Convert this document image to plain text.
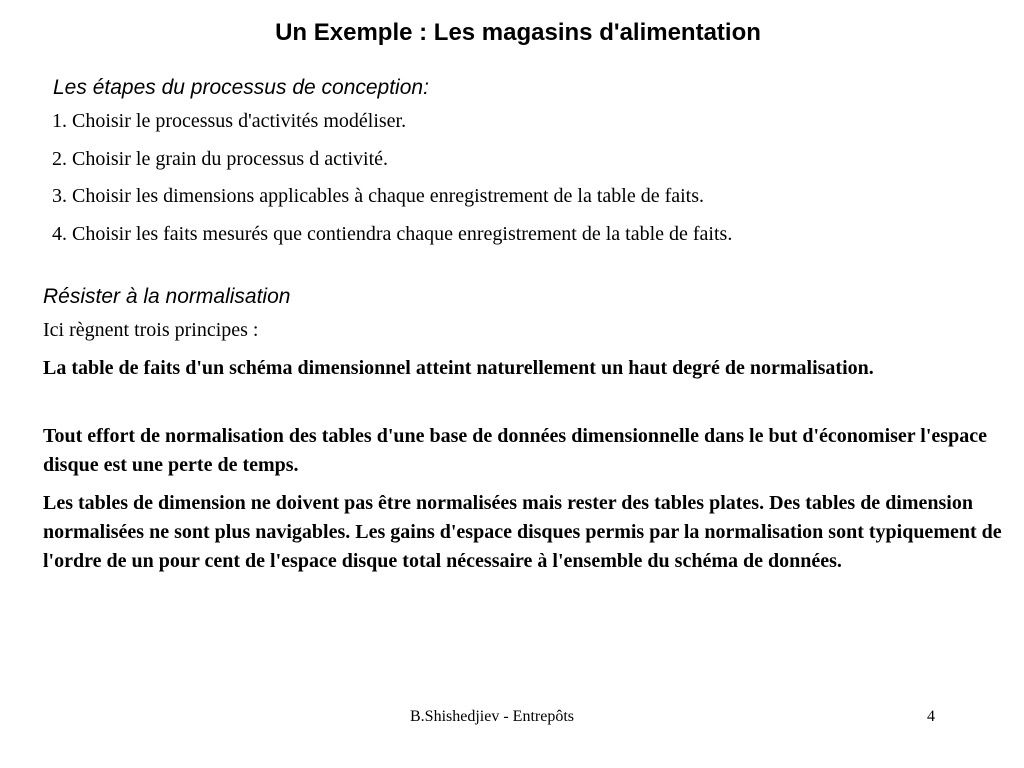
Un Exemple : Les magasins d'alimentation
Les étapes du processus de conception:
1. Choisir le processus d'activités modéliser.
2. Choisir le grain du processus d activité.
3. Choisir les dimensions applicables à chaque enregistrement de la table de faits.
4. Choisir les faits mesurés que contiendra chaque enregistrement de la table de faits.
Résister à la normalisation
Ici règnent trois principes :
La table de faits d'un schéma dimensionnel atteint naturellement un haut degré de normalisation.
Tout effort de normalisation des tables d'une base de données dimensionnelle dans le but d'économiser l'espace disque est une perte de temps.
Les tables de dimension ne doivent pas être normalisées mais rester des tables plates. Des tables de dimension normalisées ne sont plus navigables. Les gains d'espace disques permis par la normalisation sont typiquement de l'ordre de un pour cent de l'espace disque total nécessaire à l'ensemble du schéma de données.
B.Shishedjiev - Entrepôts	4
